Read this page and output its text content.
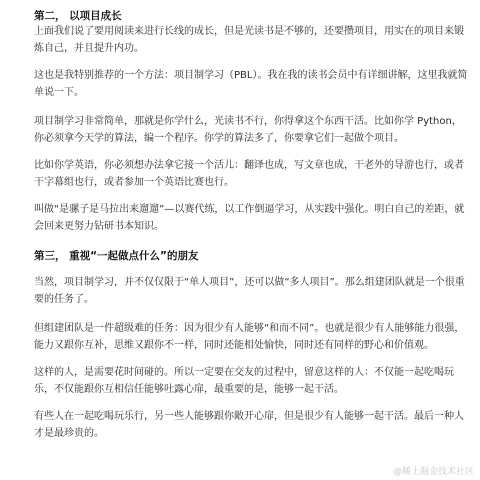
第二， 以项目成长
上面我们说了要用阅读来进行长线的成长，但是光读书是不够的，还要攒项目，用实在的项目来锻炼自己，并且提升内功。
这也是我特别推荐的一个方法：项目制学习（PBL）。我在我的读书会员中有详细讲解，这里我就简单说一下。
项目制学习非常简单，那就是你学什么，光读书不行，你得拿这个东西干活。比如你学 Python，你必须拿今天学的算法，编一个程序。你学的算法多了，你要拿它们一起做个项目。
比如你学英语，你必须想办法拿它接一个活儿：翻译也成，写文章也成，干老外的导游也行，或者干字幕组也行，或者参加一个英语比赛也行。
叫做“是骡子是马拉出来遛遛”—以赛代练，以工作倒逼学习，从实践中强化。明白自己的差距，就会回来更努力钻研书本知识。
第三， 重视“一起做点什么”的朋友
当然，项目制学习，并不仅仅限于“单人项目”，还可以做“多人项目”。那么组建团队就是一个很重要的任务了。
但组建团队是一件超级难的任务：因为很少有人能够“和而不同”。也就是很少有人能够能力很强，能力又跟你互补，思维又跟你不一样，同时还能相处愉快，同时还有同样的野心和价值观。
这样的人，是需要花时间碰的。所以一定要在交友的过程中，留意这样的人：不仅能一起吃喝玩乐，不仅能跟你互相信任能够吐露心扉，最重要的是，能够一起干活。
有些人在一起吃喝玩乐行，另一些人能够跟你敞开心扉，但是很少有人能够一起干活。最后一种人才是最珍贵的。
@稀土掘金技术社区
